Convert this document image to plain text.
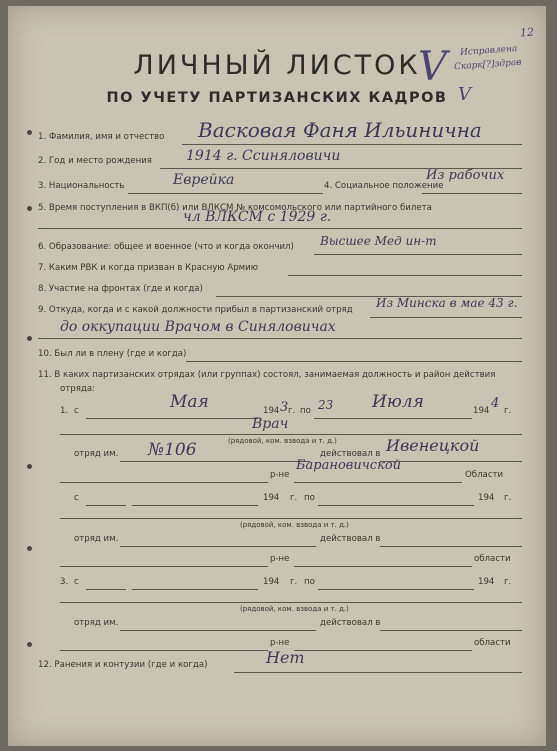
ЛИЧНЫЙ ЛИСТОК
ПО УЧЕТУ ПАРТИЗАНСКИХ КАДРОВ
V
V
Исправлена
Скарк[?]здрав
12
1. Фамилия, имя и отчество Васковая Фаня Ильинична
2. Год и место рождения 1914 г. Ссиняловичи
3. Национальность	Еврейка	4. Социальное положение
Из рабочих
5. Время поступления в ВКП(б) или ВЛКСМ № комсомольского или партийного билета
чл ВЛКСМ с 1929 г.
6. Образование: общее и военное (что и когда окончил) Высшее Мед ин-т
7. Каким РВК и когда призван в Красную Армию
8. Участие на фронтах (где и когда)
9. Откуда, когда и с какой должности прибыл в партизанский отряд Из Минска в мае 43 г.
до оккупации Врачом в Синяловичах
10. Был ли в плену (где и когда)
11. В каких партизанских отрядах (или группах) состоял, занимаемая должность и район действия
отряда:
1. с	Мая	194 3 г. по 23 Июля	194 4 г.
Врач
(рядовой, ком. взвода и т. д.)
отряд им. №106	действовал в Ивенецкой
р-не
Барановичской
Области
с	194 г. по	194 г.
(рядовой, ком. взвода и т. д.)
отряд им.	действовал в
р-не	области
3. с	194 г. по	194 г.
(рядовой, ком. взвода и т. д.)
отряд им.	действовал в
р-не	области
12. Ранения и контузии (где и когда)	Нет
